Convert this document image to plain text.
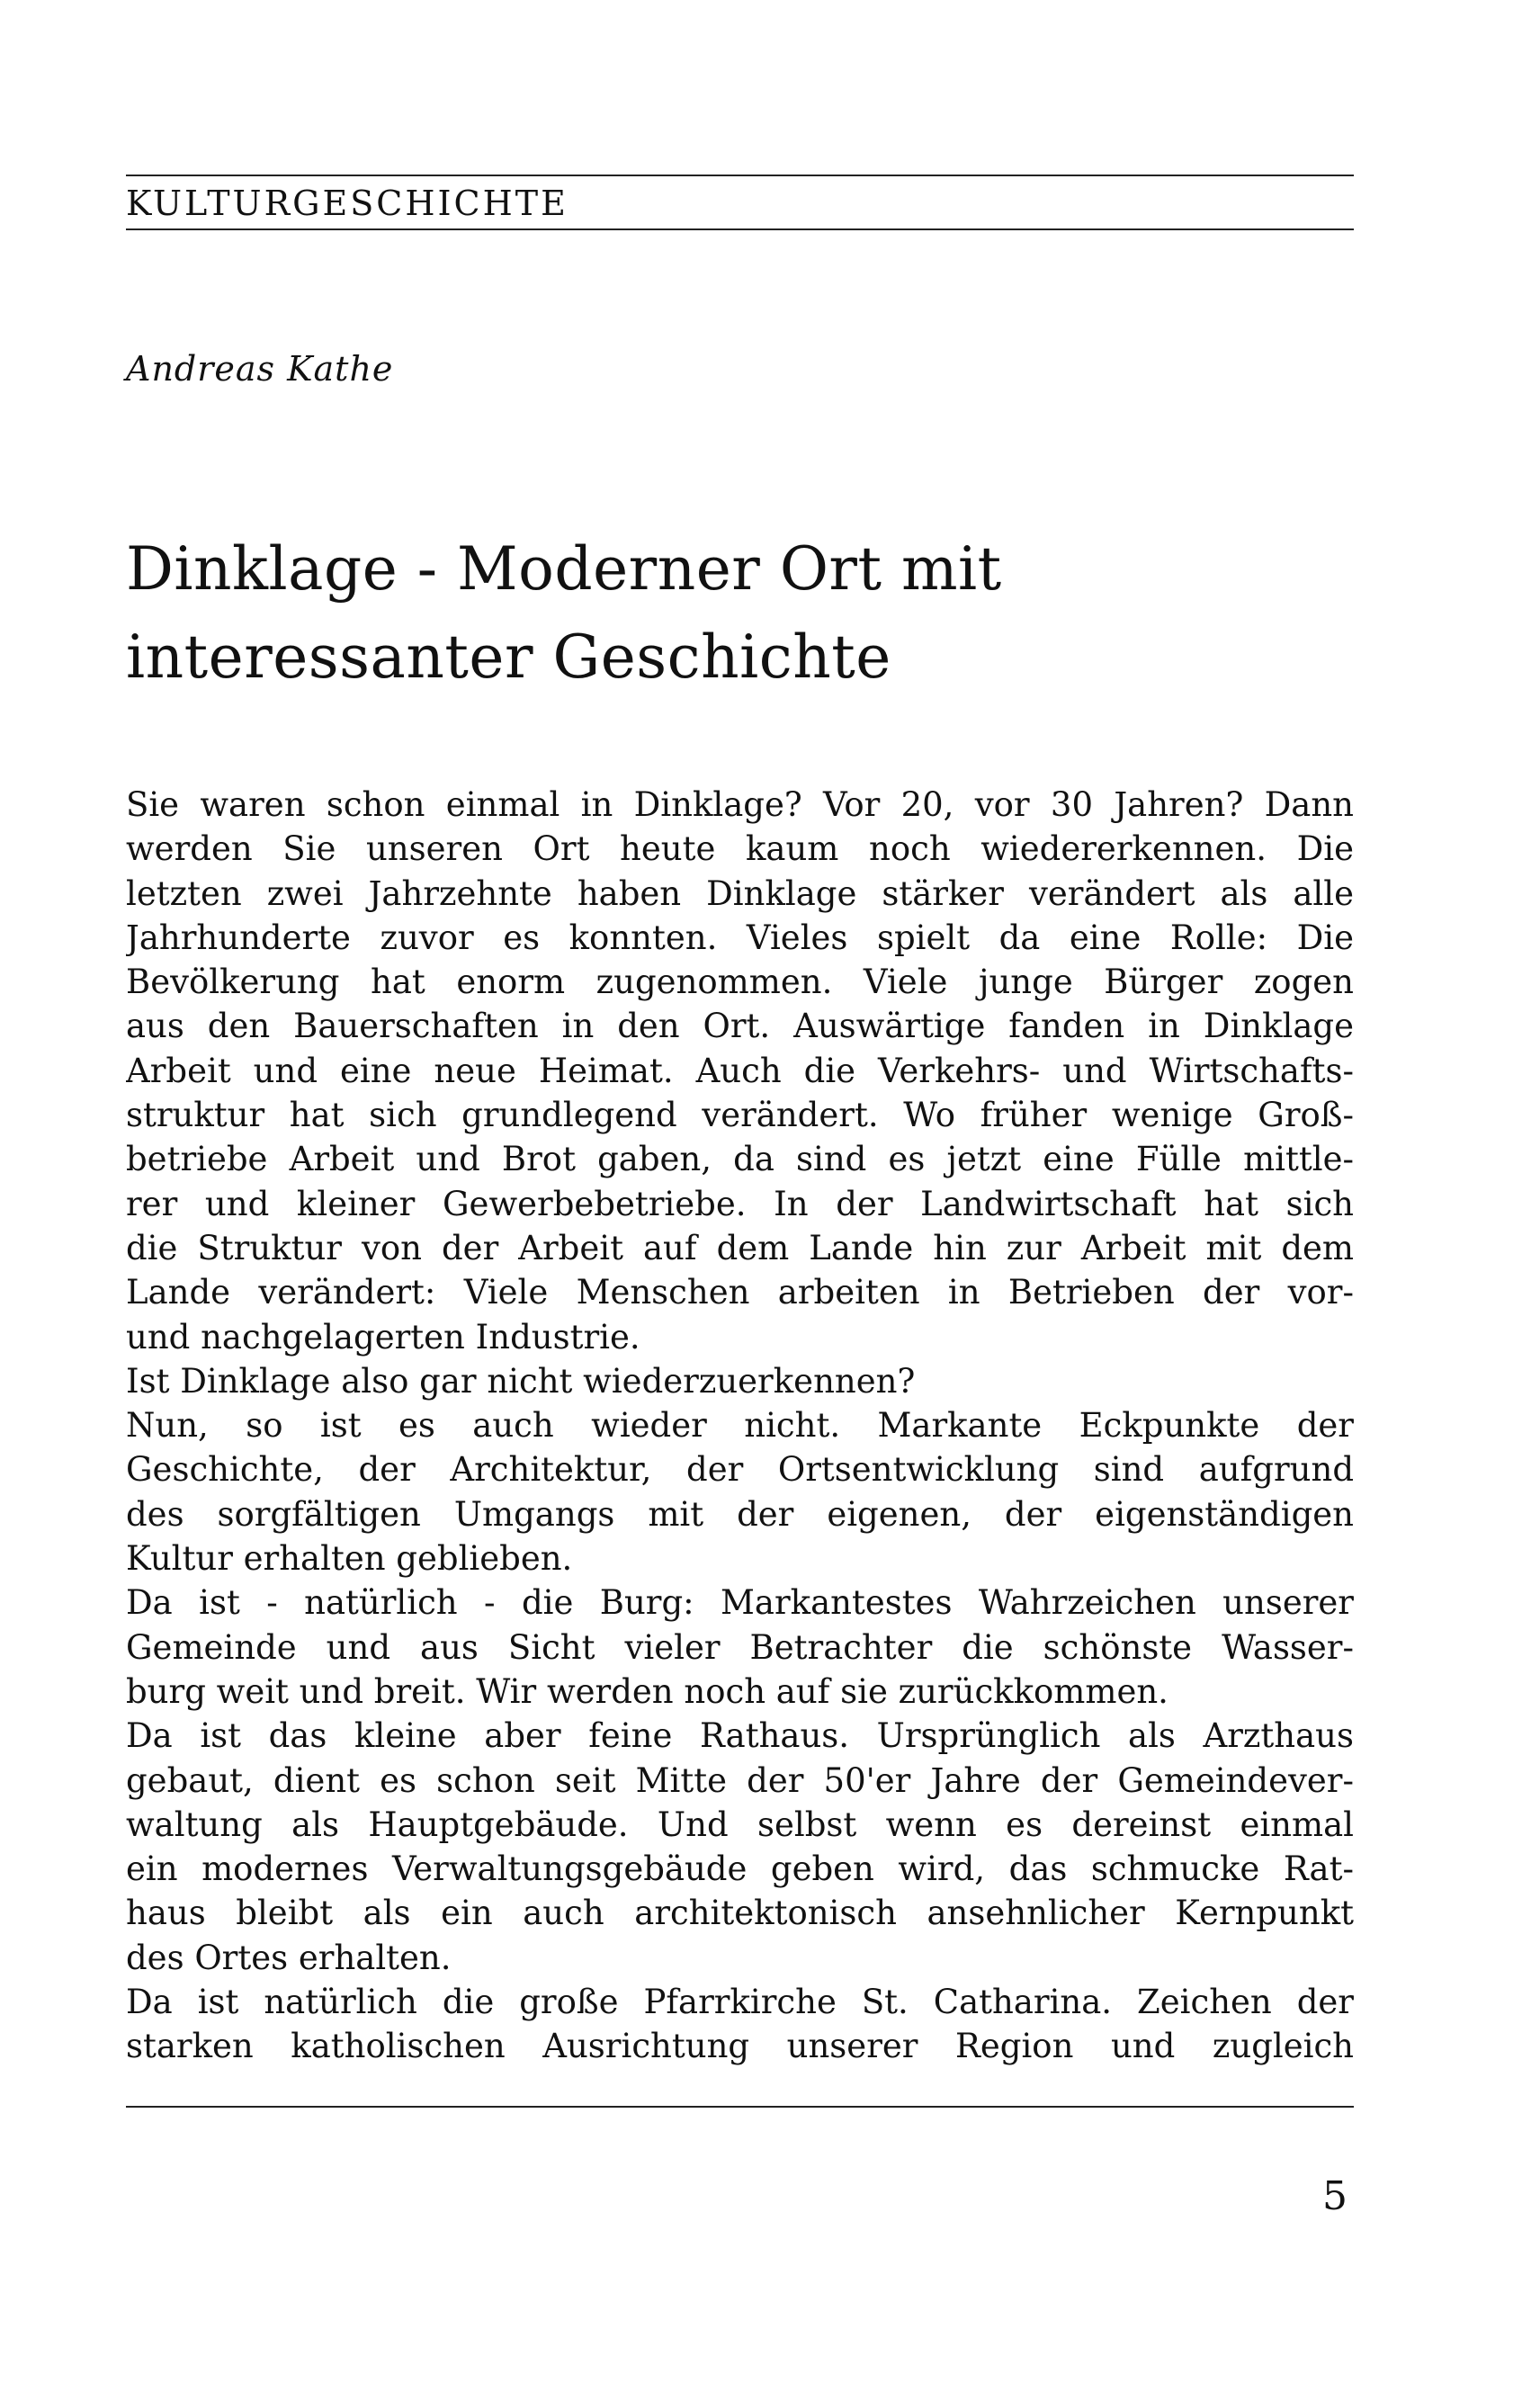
KULTURGESCHICHTE
Andreas Kathe
Dinklage - Moderner Ort mit
interessanter Geschichte
Sie waren schon einmal in Dinklage? Vor 20, vor 30 Jahren? Dann
werden Sie unseren Ort heute kaum noch wiedererkennen. Die
letzten zwei Jahrzehnte haben Dinklage stärker verändert als alle
Jahrhunderte zuvor es konnten. Vieles spielt da eine Rolle: Die
Bevölkerung hat enorm zugenommen. Viele junge Bürger zogen
aus den Bauerschaften in den Ort. Auswärtige fanden in Dinklage
Arbeit und eine neue Heimat. Auch die Verkehrs- und Wirtschafts-
struktur hat sich grundlegend verändert. Wo früher wenige Groß-
betriebe Arbeit und Brot gaben, da sind es jetzt eine Fülle mittle-
rer und kleiner Gewerbebetriebe. In der Landwirtschaft hat sich
die Struktur von der Arbeit auf dem Lande hin zur Arbeit mit dem
Lande verändert: Viele Menschen arbeiten in Betrieben der vor-
und nachgelagerten Industrie.
Ist Dinklage also gar nicht wiederzuerkennen?
Nun, so ist es auch wieder nicht. Markante Eckpunkte der
Geschichte, der Architektur, der Ortsentwicklung sind aufgrund
des sorgfältigen Umgangs mit der eigenen, der eigenständigen
Kultur erhalten geblieben.
Da ist - natürlich - die Burg: Markantestes Wahrzeichen unserer
Gemeinde und aus Sicht vieler Betrachter die schönste Wasser-
burg weit und breit. Wir werden noch auf sie zurückkommen.
Da ist das kleine aber feine Rathaus. Ursprünglich als Arzthaus
gebaut, dient es schon seit Mitte der 50'er Jahre der Gemeindever-
waltung als Hauptgebäude. Und selbst wenn es dereinst einmal
ein modernes Verwaltungsgebäude geben wird, das schmucke Rat-
haus bleibt als ein auch architektonisch ansehnlicher Kernpunkt
des Ortes erhalten.
Da ist natürlich die große Pfarrkirche St. Catharina. Zeichen der
starken katholischen Ausrichtung unserer Region und zugleich
5
